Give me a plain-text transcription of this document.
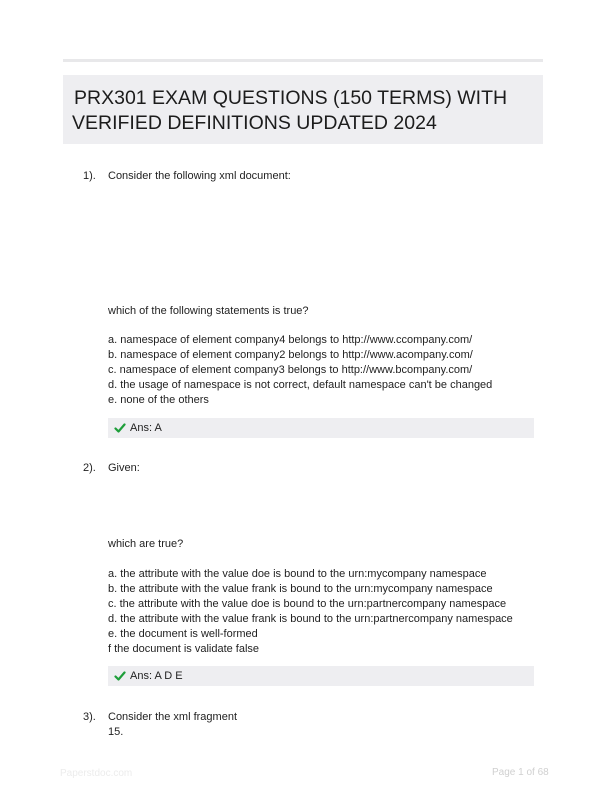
PRX301 EXAM QUESTIONS (150 TERMS) WITH
VERIFIED DEFINITIONS UPDATED 2024
1). Consider the following xml document:
which of the following statements is true?
a. namespace of element company4 belongs to http://www.ccompany.com/
b. namespace of element company2 belongs to http://www.acompany.com/
c. namespace of element company3 belongs to http://www.bcompany.com/
d. the usage of namespace is not correct, default namespace can't be changed
e. none of the others
Ans: A
2). Given:
which are true?
a. the attribute with the value doe is bound to the urn:mycompany namespace
b. the attribute with the value frank is bound to the urn:mycompany namespace
c. the attribute with the value doe is bound to the urn:partnercompany namespace
d. the attribute with the value frank is bound to the urn:partnercompany namespace
e. the document is well-formed
f the document is validate false
Ans: A D E
3). Consider the xml fragment
15.
Paperstdoc.com	Page 1 of 68
